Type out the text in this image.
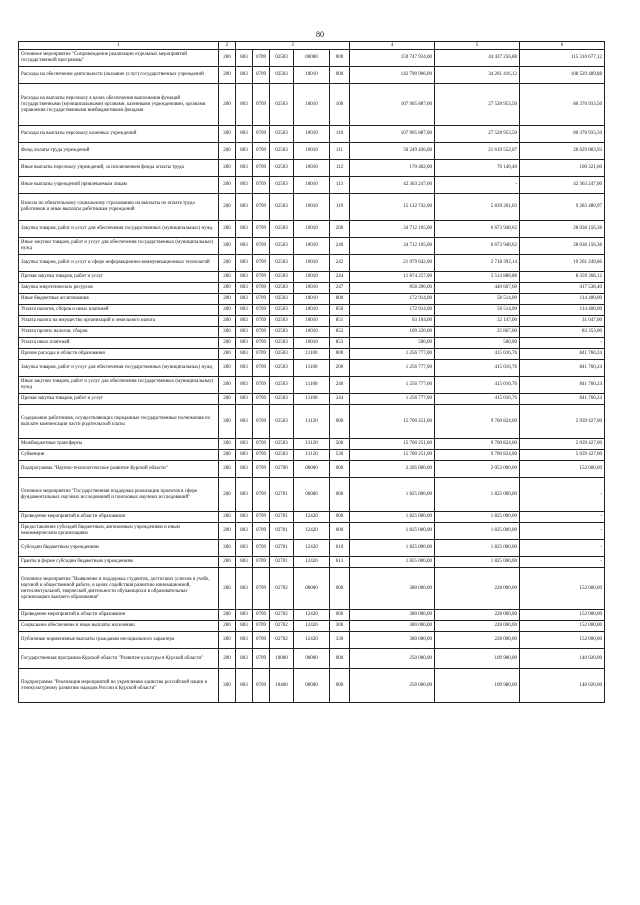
80
1	2	3					4	5	6
Основное мероприятие "Сопровождение реализации отдельных мероприятий государственной программы"	200	803	0709	02503	00000	000	159 747 934,00	44 437 256,88	115 310 677,12
Расходы на обеспечение деятельности (оказание услуг) государственных учреждений	200	803	0709	02503	10010	000	142 790 906,00	34 261 416,12	108 529 489,88
Расходы на выплаты персоналу в целях обеспечения выполнения функций государственными (муниципальными) органами, казенными учреждениями, органами управления государственными внебюджетными фондами	200	803	0709	02503	10010	100	107 905 887,00	27 528 953,50	80 376 933,50
Расходы на выплаты персоналу казенных учреждений	200	803	0709	02503	10010	110	107 905 887,00	27 528 953,50	80 376 933,50
Фонд оплаты труда учреждений	200	803	0709	02503	10010	111	50 249 436,00	21 619 552,07	28 629 883,93
Иные выплаты персоналу учреждений, за исключением фонда оплаты труда	200	803	0709	02503	10010	112	170 462,00	70 140,40	100 321,60
Иные выплаты учреждений привлекаемым лицам	200	803	0709	02503	10010	113	42 363 247,00	-	42 363 247,00
Взносы по обязательному социальному страхованию на выплаты по оплате труда работников и иные выплаты работникам учреждений	200	803	0709	02503	10010	119	15 122 742,00	5 839 261,03	9 283 480,97
Закупка товаров, работ и услуг для обеспечения государственных (муниципальных) нужд	200	803	0709	02503	10010	200	34 712 105,00	6 673 948,62	28 038 156,38
Иные закупки товаров, работ и услуг для обеспечения государственных (муниципальных) нужд	200	803	0709	02503	10010	240	34 712 105,00	6 673 948,62	28 038 156,38
Закупка товаров, работ и услуг в сфере информационно-коммуникационных технологий	200	803	0709	02503	10010	242	21 979 642,00	2 718 392,14	19 261 249,86
Прочая закупка товаров, работ и услуг	200	803	0709	02503	10010	244	11 874 257,00	3 514 888,88	8 359 368,12
Закупка энергетических ресурсов	200	803	0709	02503	10010	247	858 206,00	440 667,60	417 538,40
Иные бюджетные ассигнования	200	803	0709	02503	10010	800	172 914,00	58 514,00	114 400,00
Уплата налогов, сборов и иных платежей	200	803	0709	02503	10010	850	172 914,00	58 514,00	114 400,00
Уплата налога на имущество организаций и земельного налога	200	803	0709	02503	10010	851	63 194,00	32 147,00	31 047,00
Уплата прочих налогов, сборов	200	803	0709	02503	10010	852	109 220,00	25 867,00	83 353,00
Уплата иных платежей	200	803	0709	02503	10010	853	500,00	500,00	-
Прочие расходы в области образования	200	803	0709	02503	11100	000	1 256 777,00	415 016,76	841 760,24
Закупка товаров, работ и услуг для обеспечения государственных (муниципальных) нужд	200	803	0709	02503	11100	200	1 256 777,00	415 016,76	841 760,24
Иные закупки товаров, работ и услуг для обеспечения государственных (муниципальных) нужд	200	803	0709	02503	11100	240	1 256 777,00	415 016,76	841 760,24
Прочая закупка товаров, работ и услуг	200	803	0709	02503	11100	244	1 256 777,00	415 016,76	841 760,24
Содержание работников, осуществляющих переданные государственные полномочия по выплате компенсации части родительской платы	200	803	0709	02503	13120	000	15 700 251,00	9 760 824,00	5 939 427,00
Межбюджетные трансферты	200	803	0709	02503	13120	500	15 700 251,00	9 760 824,00	5 939 427,00
Субвенции	200	803	0709	02503	13120	530	15 700 251,00	9 760 824,00	5 939 427,00
Подпрограмма "Научно-технологическое развитие Курской области"	200	803	0709	02700	00000	000	2 205 000,00	2 053 000,00	152 000,00
Основное мероприятие "Государственная поддержка реализации проектов в сфере фундаментальных научных исследований и поисковых научных исследований"	200	803	0709	02701	00000	000	1 825 000,00	1 825 000,00	-
Проведение мероприятий в области образования	200	803	0709	02701	12420	000	1 825 000,00	1 825 000,00	-
Предоставление субсидий бюджетным, автономным учреждениям и иным некоммерческим организациям	200	803	0709	02701	12420	600	1 825 000,00	1 825 000,00	-
Субсидии бюджетным учреждениям	200	803	0709	02701	12420	610	1 825 000,00	1 825 000,00	-
Гранты в форме субсидии бюджетным учреждениям	200	803	0709	02701	12420	613	1 825 000,00	1 825 000,00	-
Основное мероприятие "Выявление и поддержка студентов, достигших успехов в учебе, научной и общественной работе, в целях содействия развитию инновационной, интеллектуальной, творческой деятельности обучающихся в образовательных организациях высшего образования"	200	803	0709	02702	00000	000	380 000,00	228 000,00	152 000,00
Проведение мероприятий в области образования	200	803	0709	02702	12420	000	380 000,00	228 000,00	152 000,00
Социальное обеспечение и иные выплаты населению	200	803	0709	02702	12420	300	380 000,00	228 000,00	152 000,00
Публичные нормативные выплаты гражданам несоциального характера	200	803	0709	02702	12420	330	380 000,00	228 000,00	152 000,00
Государственная программа Курской области "Развитие культуры в Курской области"	200	803	0709	10000	00000	000	250 000,00	109 980,00	140 020,00
Подпрограмма "Реализация мероприятий по укреплению единства российской нации и этнокультурному развитию народов России в Курской области"	200	803	0709	10400	00000	000	250 000,00	109 980,00	140 020,00
